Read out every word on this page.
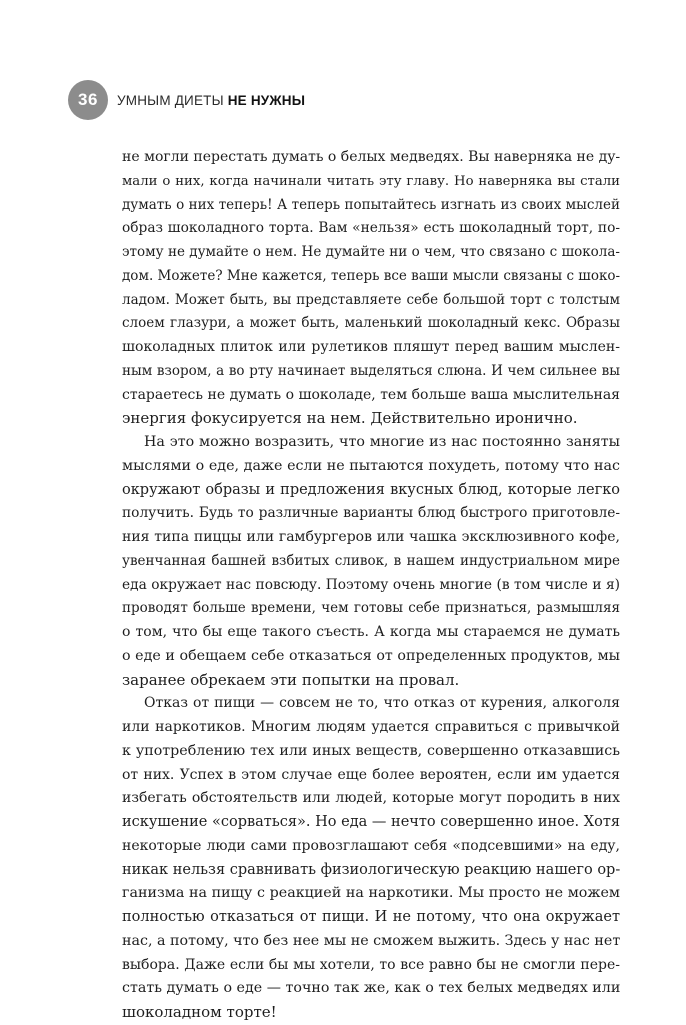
36	УМНЫМ ДИЕТЫ НЕ НУЖНЫ
не могли перестать думать о белых медведях. Вы наверняка не ду-
мали о них, когда начинали читать эту главу. Но наверняка вы стали
думать о них теперь! А теперь попытайтесь изгнать из своих мыслей
образ шоколадного торта. Вам «нельзя» есть шоколадный торт, по-
этому не думайте о нем. Не думайте ни о чем, что связано с шокола-
дом. Можете? Мне кажется, теперь все ваши мысли связаны с шоко-
ладом. Может быть, вы представляете себе большой торт с толстым
слоем глазури, а может быть, маленький шоколадный кекс. Образы
шоколадных плиток или рулетиков пляшут перед вашим мыслен-
ным взором, а во рту начинает выделяться слюна. И чем сильнее вы
стараетесь не думать о шоколаде, тем больше ваша мыслительная
энергия фокусируется на нем. Действительно иронично.
На это можно возразить, что многие из нас постоянно заняты
мыслями о еде, даже если не пытаются похудеть, потому что нас
окружают образы и предложения вкусных блюд, которые легко
получить. Будь то различные варианты блюд быстрого приготовле-
ния типа пиццы или гамбургеров или чашка эксклюзивного кофе,
увенчанная башней взбитых сливок, в нашем индустриальном мире
еда окружает нас повсюду. Поэтому очень многие (в том числе и я)
проводят больше времени, чем готовы себе признаться, размышляя
о том, что бы еще такого съесть. А когда мы стараемся не думать
о еде и обещаем себе отказаться от определенных продуктов, мы
заранее обрекаем эти попытки на провал.
Отказ от пищи — совсем не то, что отказ от курения, алкоголя
или наркотиков. Многим людям удается справиться с привычкой
к употреблению тех или иных веществ, совершенно отказавшись
от них. Успех в этом случае еще более вероятен, если им удается
избегать обстоятельств или людей, которые могут породить в них
искушение «сорваться». Но еда — нечто совершенно иное. Хотя
некоторые люди сами провозглашают себя «подсевшими» на еду,
никак нельзя сравнивать физиологическую реакцию нашего ор-
ганизма на пищу с реакцией на наркотики. Мы просто не можем
полностью отказаться от пищи. И не потому, что она окружает
нас, а потому, что без нее мы не сможем выжить. Здесь у нас нет
выбора. Даже если бы мы хотели, то все равно бы не смогли пере-
стать думать о еде — точно так же, как о тех белых медведях или
шоколадном торте!
